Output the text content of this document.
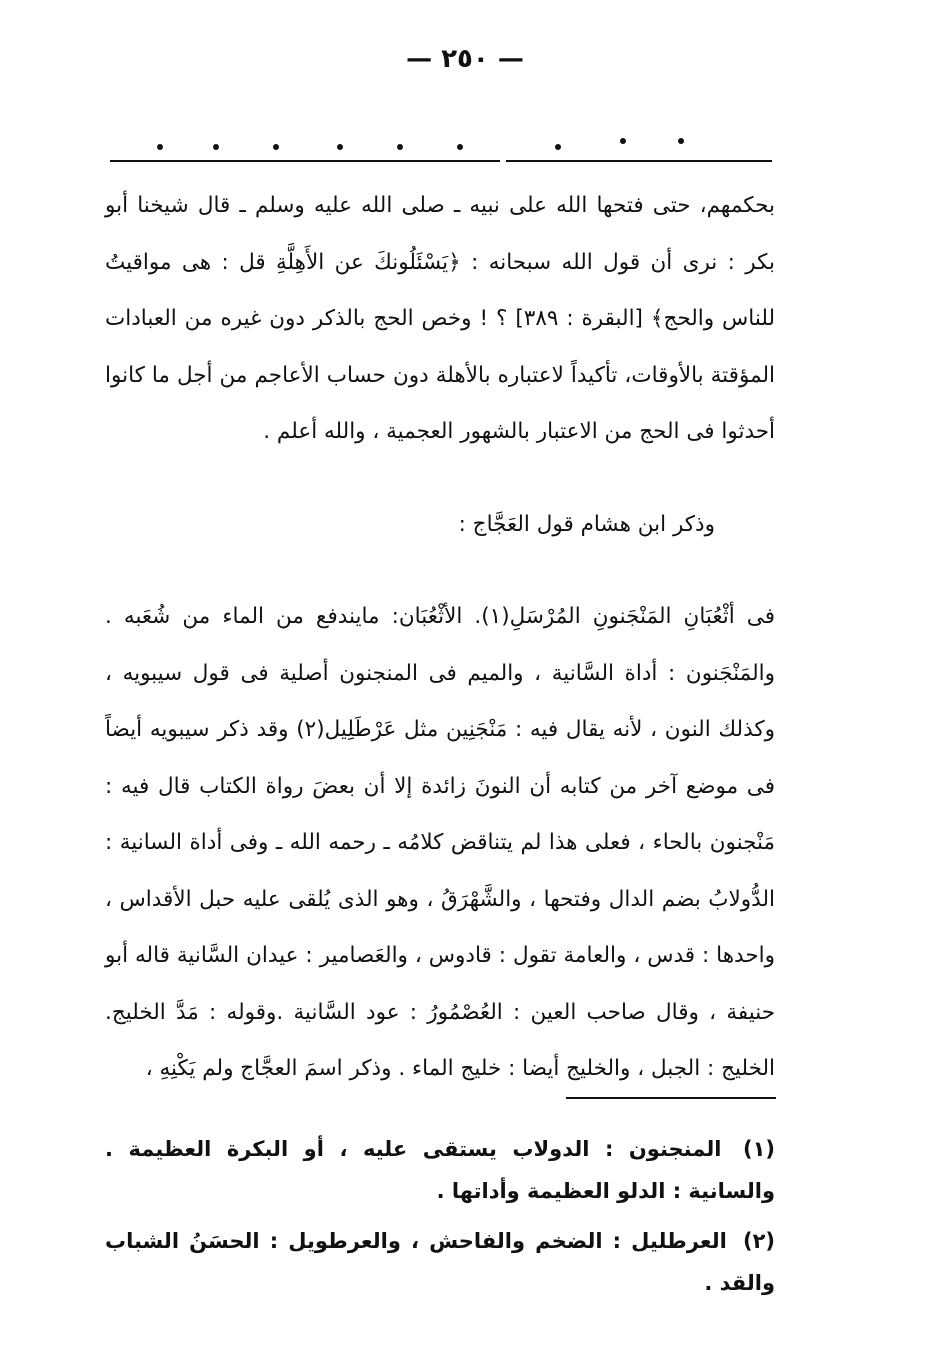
— ٢٥٠ —

بحكمهم، حتى فتحها الله على نبيه ـ صلى الله عليه وسلم ـ قال شيخنا أبو بكر : نرى أن قول الله سبحانه : ﴿يَسْئَلُونكَ عن الأَهِلَّةِ قل : هى مواقيتُ للناس والحج﴾ [البقرة : ٣٨٩] ؟ ! وخص الحج بالذكر دون غيره من العبادات المؤقتة بالأوقات، تأكيداً لاعتباره بالأهلة دون حساب الأعاجم من أجل ما كانوا أحدثوا فى الحج من الاعتبار بالشهور العجمية ، والله أعلم .

وذكر ابن هشام قول العَجَّاج :

فى أثْعُبَانِ المَنْجَنونِ المُرْسَلِ(١). الأثْعُبَان: مايندفع من الماء من شُعَبه . والمَنْجَنون : أداة السَّانية ، والميم فى المنجنون أصلية فى قول سيبويه ، وكذلك النون ، لأنه يقال فيه : مَنْجَنِين مثل عَرْطَلِيل(٢) وقد ذكر سيبويه أيضاً فى موضع آخر من كتابه أن النونَ زائدة إلا أن بعضَ رواة الكتاب قال فيه : مَنْجنون بالحاء ، فعلى هذا لم يتناقض كلامُه ـ رحمه الله ـ وفى أداة السانية : الدُّولابُ بضم الدال وفتحها ، والشَّهْرَقُ ، وهو الذى يُلقى عليه حبل الأقداس ، واحدها : قدس ، والعامة تقول : قادوس ، والعَصامير : عيدان السَّانية قاله أبو حنيفة ، وقال صاحب العين : العُصْمُورُ : عود السَّانية .وقوله : مَدَّ الخليج. الخليج : الجبل ، والخليج أيضا : خليج الماء . وذكر اسمَ العجَّاج ولم يَكْنِهِ ،

(١) المنجنون : الدولاب يستقى عليه ، أو البكرة العظيمة . والسانية : الدلو العظيمة وأداتها .

(٢) العرطليل : الضخم والفاحش ، والعرطويل : الحسَنُ الشباب والقد .
